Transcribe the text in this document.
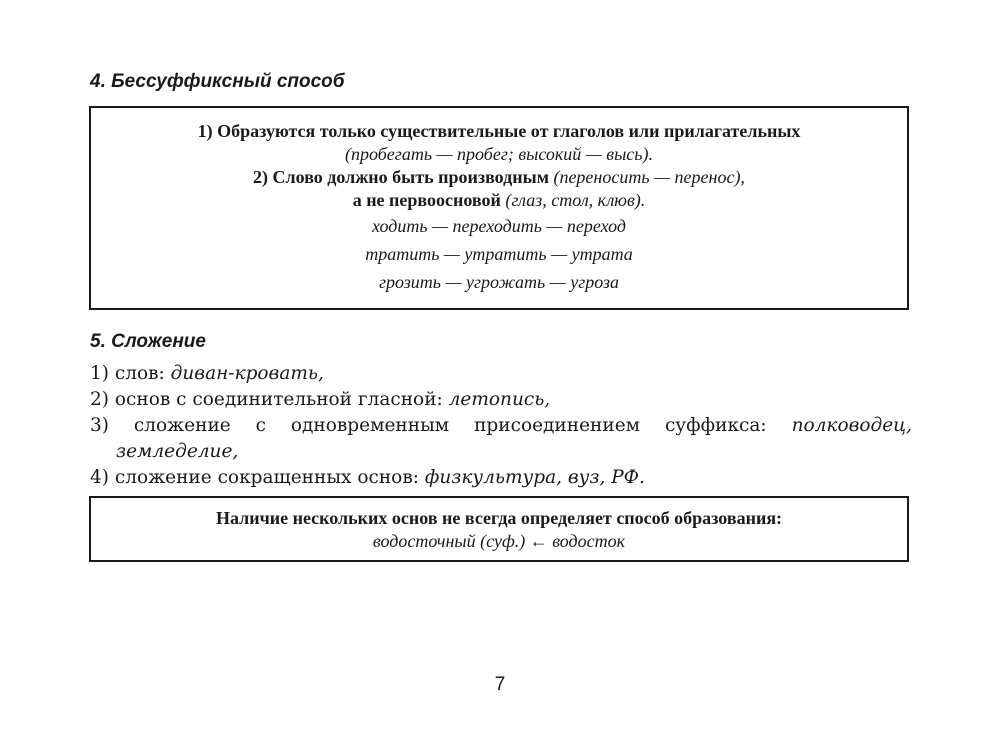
4. Бессуффиксный способ
1) Образуются только существительные от глаголов или прилагательных
(пробегать — пробег; высокий — высь).
2) Слово должно быть производным (переносить — перенос),
а не первоосновой (глаз, стол, клюв).
ходить — переходить — переход
тратить — утратить — утрата
грозить — угрожать — угроза
5. Сложение
1) слов: диван-кровать,
2) основ с соединительной гласной: летопись,
3) сложение с одновременным присоединением суффикса: полководец,
земледелие,
4) сложение сокращенных основ: физкультура, вуз, РФ.
Наличие нескольких основ не всегда определяет способ образования:
водосточный (суф.) ← водосток
7
